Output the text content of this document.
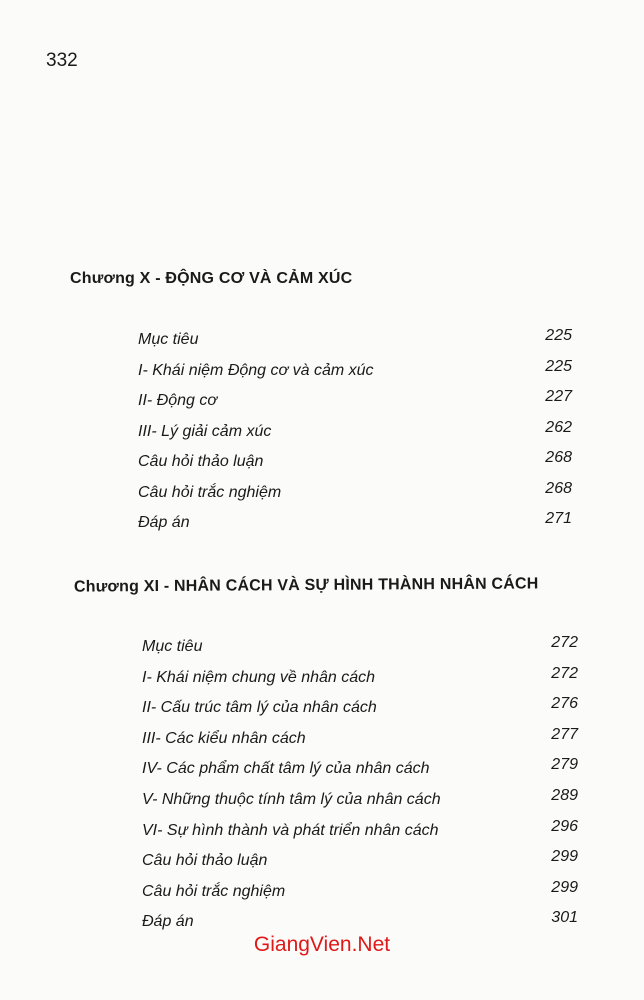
332
Chương X - ĐỘNG CƠ VÀ CẢM XÚC
Mục tiêu	225
I- Khái niệm Động cơ và cảm xúc	225
II- Động cơ	227
III- Lý giải cảm xúc	262
Câu hỏi thảo luận	268
Câu hỏi trắc nghiệm	268
Đáp án	271
Chương XI - NHÂN CÁCH VÀ SỰ HÌNH THÀNH NHÂN CÁCH
Mục tiêu	272
I- Khái niệm chung về nhân cách	272
II- Cấu trúc tâm lý của nhân cách	276
III- Các kiểu nhân cách	277
IV- Các phẩm chất tâm lý của nhân cách	279
V- Những thuộc tính tâm lý của nhân cách	289
VI- Sự hình thành và phát triển nhân cách	296
Câu hỏi thảo luận	299
Câu hỏi trắc nghiệm	299
Đáp án	301
GiangVien.Net
